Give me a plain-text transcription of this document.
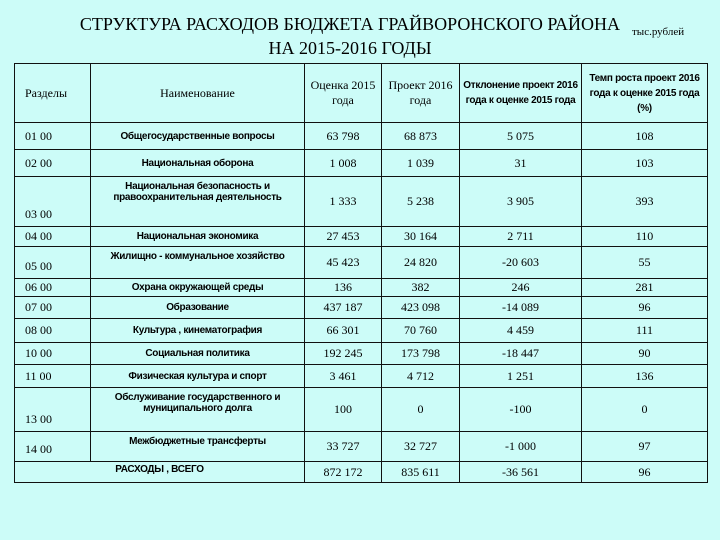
СТРУКТУРА РАСХОДОВ БЮДЖЕТА ГРАЙВОРОНСКОГО РАЙОНА
НА 2015-2016 ГОДЫ
тыс.рублей
Разделы	Наименование	Оценка 2015 года	Проект 2016 года	Отклонение проект 2016 года к оценке 2015 года	Темп роста проект 2016 года к оценке 2015 года (%)
01 00	Общегосударственные вопросы	63 798	68 873	5 075	108
02 00	Национальная оборона	1 008	1 039	31	103
03 00	Национальная безопасность и правоохранительная деятельность	1 333	5 238	3 905	393
04 00	Национальная экономика	27 453	30 164	2 711	110
05 00	Жилищно - коммунальное хозяйство	45 423	24 820	-20 603	55
06 00	Охрана окружающей среды	136	382	246	281
07 00	Образование	437 187	423 098	-14 089	96
08 00	Культура , кинематография	66 301	70 760	4 459	111
10 00	Социальная политика	192 245	173 798	-18 447	90
11 00	Физическая культура и спорт	3 461	4 712	1 251	136
13 00	Обслуживание государственного и муниципального долга	100	0	-100	0
14 00	Межбюджетные трансферты	33 727	32 727	-1 000	97
РАСХОДЫ , ВСЕГО		872 172	835 611	-36 561	96
